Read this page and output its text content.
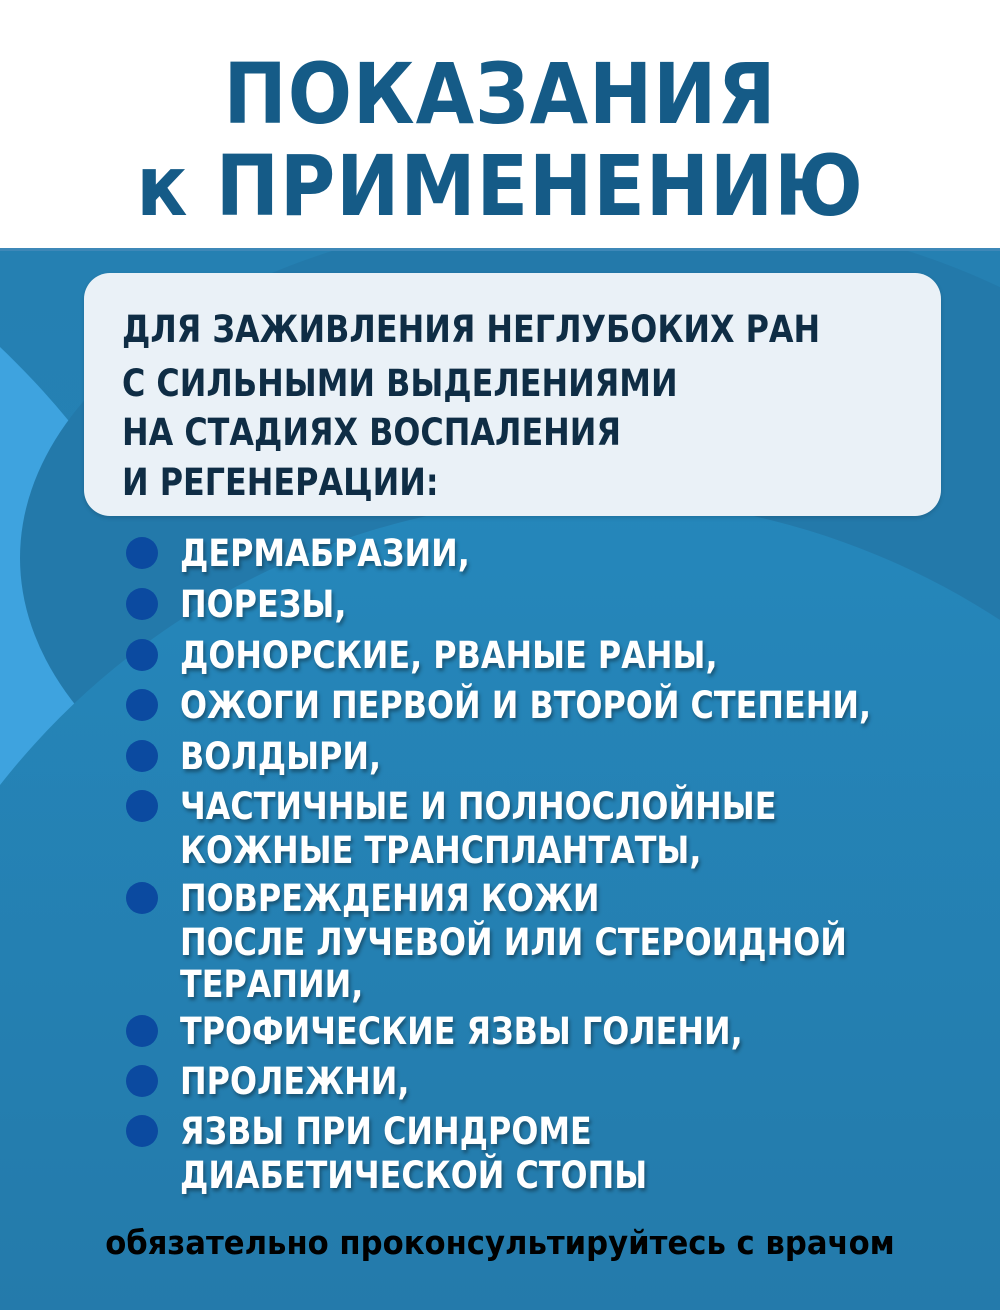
ПОКАЗАНИЯ
к ПРИМЕНЕНИЮ
ДЛЯ ЗАЖИВЛЕНИЯ НЕГЛУБОКИХ РАН
С СИЛЬНЫМИ ВЫДЕЛЕНИЯМИ
НА СТАДИЯХ ВОСПАЛЕНИЯ
И РЕГЕНЕРАЦИИ:
ДЕРМАБРАЗИИ,
ПОРЕЗЫ,
ДОНОРСКИЕ, РВАНЫЕ РАНЫ,
ОЖОГИ ПЕРВОЙ И ВТОРОЙ СТЕПЕНИ,
ВОЛДЫРИ,
ЧАСТИЧНЫЕ И ПОЛНОСЛОЙНЫЕ
КОЖНЫЕ ТРАНСПЛАНТАТЫ,
ПОВРЕЖДЕНИЯ КОЖИ
ПОСЛЕ ЛУЧЕВОЙ ИЛИ СТЕРОИДНОЙ
ТЕРАПИИ,
ТРОФИЧЕСКИЕ ЯЗВЫ ГОЛЕНИ,
ПРОЛЕЖНИ,
ЯЗВЫ ПРИ СИНДРОМЕ
ДИАБЕТИЧЕСКОЙ СТОПЫ
обязательно проконсультируйтесь с врачом
